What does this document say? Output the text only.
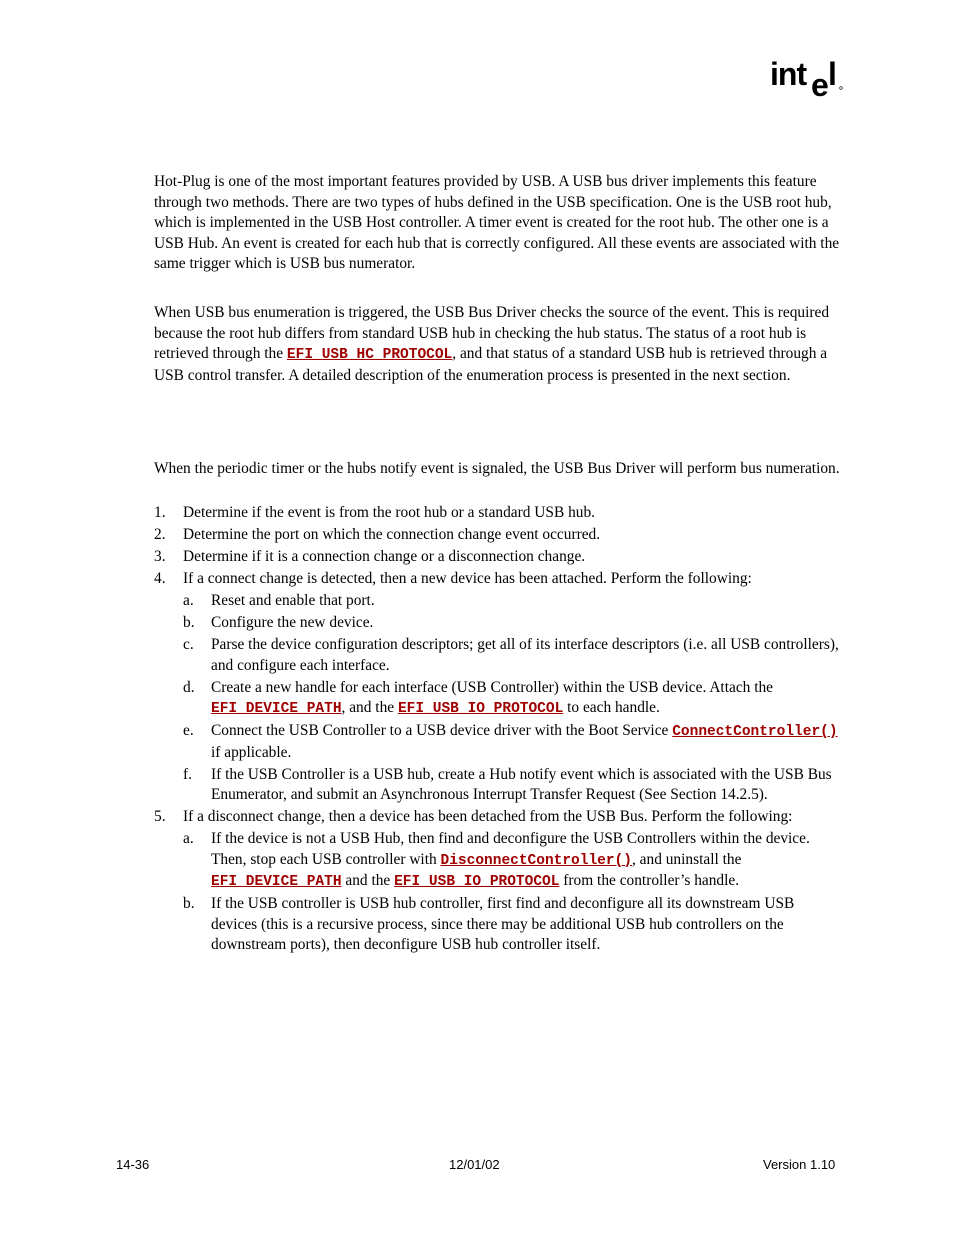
int e l

Hot-Plug is one of the most important features provided by USB. A USB bus driver implements this feature through two methods. There are two types of hubs defined in the USB specification. One is the USB root hub, which is implemented in the USB Host controller. A timer event is created for the root hub. The other one is a USB Hub. An event is created for each hub that is correctly configured. All these events are associated with the same trigger which is USB bus numerator.

When USB bus enumeration is triggered, the USB Bus Driver checks the source of the event. This is required because the root hub differs from standard USB hub in checking the hub status. The status of a root hub is retrieved through the EFI_USB_HC_PROTOCOL, and that status of a standard USB hub is retrieved through a USB control transfer. A detailed description of the enumeration process is presented in the next section.

When the periodic timer or the hubs notify event is signaled, the USB Bus Driver will perform bus numeration.

1. Determine if the event is from the root hub or a standard USB hub.
2. Determine the port on which the connection change event occurred.
3. Determine if it is a connection change or a disconnection change.
4. If a connect change is detected, then a new device has been attached. Perform the following:
a. Reset and enable that port.
b. Configure the new device.
c. Parse the device configuration descriptors; get all of its interface descriptors (i.e. all USB controllers), and configure each interface.
d. Create a new handle for each interface (USB Controller) within the USB device. Attach the EFI_DEVICE_PATH, and the EFI_USB_IO_PROTOCOL to each handle.
e. Connect the USB Controller to a USB device driver with the Boot Service ConnectController() if applicable.
f. If the USB Controller is a USB hub, create a Hub notify event which is associated with the USB Bus Enumerator, and submit an Asynchronous Interrupt Transfer Request (See Section 14.2.5).
5. If a disconnect change, then a device has been detached from the USB Bus. Perform the following:
a. If the device is not a USB Hub, then find and deconfigure the USB Controllers within the device. Then, stop each USB controller with DisconnectController(), and uninstall the EFI_DEVICE_PATH and the EFI_USB_IO_PROTOCOL from the controller’s handle.
b. If the USB controller is USB hub controller, first find and deconfigure all its downstream USB devices (this is a recursive process, since there may be additional USB hub controllers on the downstream ports), then deconfigure USB hub controller itself.
14-36	12/01/02	Version 1.10
